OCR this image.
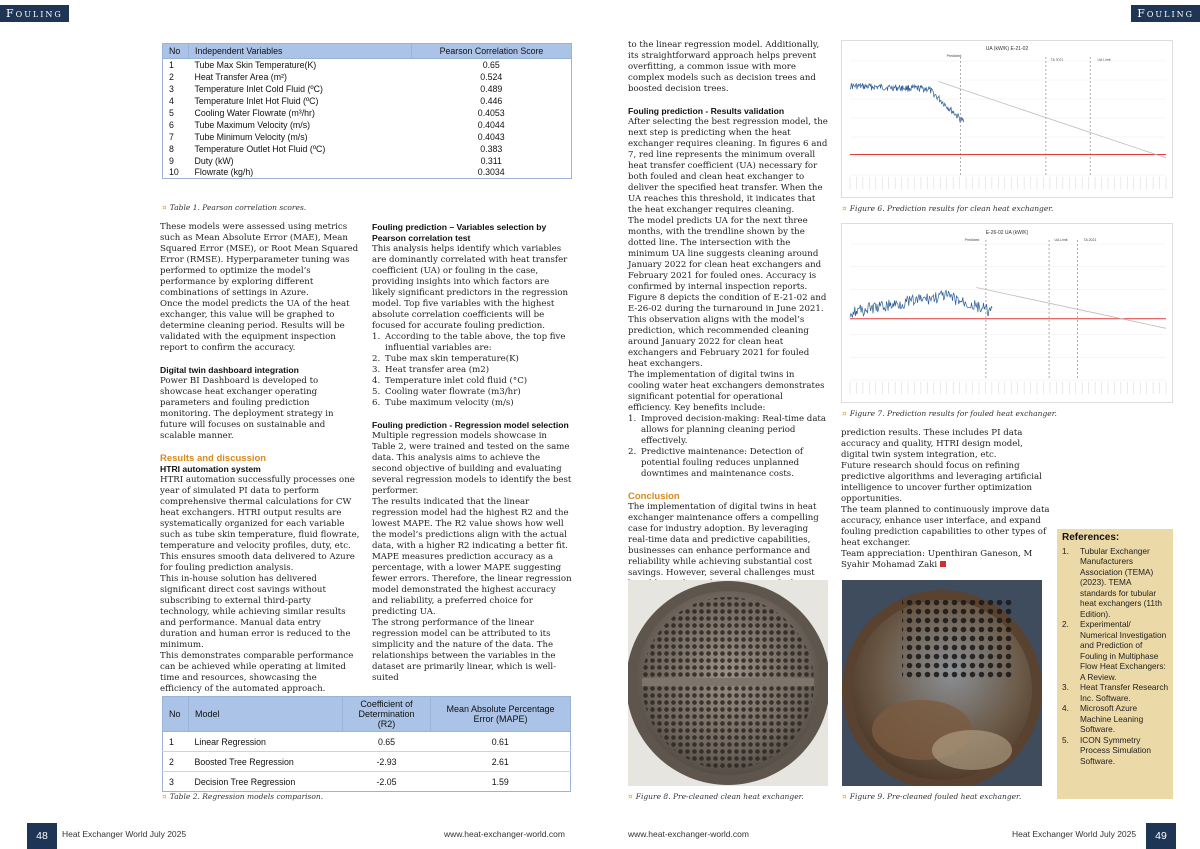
Fouling	Fouling
No	Independent Variables	Pearson Correlation Score
1	Tube Max Skin Temperature(K)	0.65
2	Heat Transfer Area (m²)	0.524
3	Temperature Inlet Cold Fluid (ºC)	0.489
4	Temperature Inlet Hot Fluid (ºC)	0.446
5	Cooling Water Flowrate (m³/hr)	0.4053
6	Tube Maximum Velocity (m/s)	0.4044
7	Tube Minimum Velocity (m/s)	0.4043
8	Temperature Outlet Hot Fluid (ºC)	0.383
9	Duty (kW)	0.311
10	Flowrate (kg/h)	0.3034
¤ Table 1. Pearson correlation scores.

These models were assessed using metrics such as Mean Absolute Error (MAE), Mean Squared Error (MSE), or Root Mean Squared Error (RMSE). Hyperparameter tuning was performed to optimize the model’s performance by exploring different combinations of settings in Azure.

Once the model predicts the UA of the heat exchanger, this value will be graphed to determine cleaning period. Results will be validated with the equipment inspection report to confirm the accuracy.

Digital twin dashboard integration

Power BI Dashboard is developed to showcase heat exchanger operating parameters and fouling prediction monitoring. The deployment strategy in future will focuses on sustainable and scalable manner.

Results and discussion
HTRI automation system

HTRI automation successfully processes one year of simulated PI data to perform comprehensive thermal calculations for CW heat exchangers. HTRI output results are systematically organized for each variable such as tube skin temperature, fluid flowrate, temperature and velocity profiles, duty, etc. This ensures smooth data delivered to Azure for fouling prediction analysis.

This in-house solution has delivered significant direct cost savings without subscribing to external third-party technology, while achieving similar results and performance. Manual data entry duration and human error is reduced to the minimum.

This demonstrates comparable performance can be achieved while operating at limited time and resources, showcasing the efficiency of the automated approach.

Fouling prediction – Variables selection by Pearson correlation test

This analysis helps identify which variables are dominantly correlated with heat transfer coefficient (UA) or fouling in the case, providing insights into which factors are likely significant predictors in the regression model. Top five variables with the highest absolute correlation coefficients will be focused for accurate fouling prediction.

1. According to the table above, the top five influential variables are:
2. Tube max skin temperature(K)
3. Heat transfer area (m2)
4. Temperature inlet cold fluid (°C)
5. Cooling water flowrate (m3/hr)
6. Tube maximum velocity (m/s)
Fouling prediction - Regression model selection

Multiple regression models showcase in Table 2, were trained and tested on the same data. This analysis aims to achieve the second objective of building and evaluating several regression models to identify the best performer.

The results indicated that the linear regression model had the highest R2 and the lowest MAPE. The R2 value shows how well the model’s predictions align with the actual data, with a higher R2 indicating a better fit. MAPE measures prediction accuracy as a percentage, with a lower MAPE suggesting fewer errors. Therefore, the linear regression model demonstrated the highest accuracy and reliability, a preferred choice for predicting UA.

The strong performance of the linear regression model can be attributed to its simplicity and the nature of the data. The relationships between the variables in the dataset are primarily linear, which is well-suited

No	Model	Coefficient of Determination (R2)	Mean Absolute Percentage Error (MAPE)
1	Linear Regression	0.65	0.61
2	Boosted Tree Regression	-2.93	2.61
3	Decision Tree Regression	-2.05	1.59
¤ Table 2. Regression models comparison.

to the linear regression model. Additionally, its straightforward approach helps prevent overfitting, a common issue with more complex models such as decision trees and boosted decision trees.

Fouling prediction - Results validation

After selecting the best regression model, the next step is predicting when the heat exchanger requires cleaning. In figures 6 and 7, red line represents the minimum overall heat transfer coefficient (UA) necessary for both fouled and clean heat exchanger to deliver the specified heat transfer. When the UA reaches this threshold, it indicates that the heat exchanger requires cleaning.

The model predicts UA for the next three months, with the trendline shown by the dotted line. The intersection with the minimum UA line suggests cleaning around January 2022 for clean heat exchangers and February 2021 for fouled ones. Accuracy is confirmed by internal inspection reports.

Figure 8 depicts the condition of E-21-02 and E-26-02 during the turnaround in June 2021. This observation aligns with the model’s prediction, which recommended cleaning around January 2022 for clean heat exchangers and February 2021 for fouled heat exchangers.

The implementation of digital twins in cooling water heat exchangers demonstrates significant potential for operational efficiency. Key benefits include:

1. Improved decision-making: Real-time data allows for planning cleaning period effectively.
2. Predictive maintenance: Detection of potential fouling reduces unplanned downtimes and maintenance costs.
Conclusion

The implementation of digital twins in heat exchanger maintenance offers a compelling case for industry adoption. By leveraging real-time data and predictive capabilities, businesses can enhance performance and reliability while achieving substantial cost savings. However, several challenges must

UA (kW/K) E-21-02
Predicted
TA 2021	UA Limit
¤ Figure 6. Prediction results for clean heat exchanger.
E-26-02 UA (kW/K)
Predicted	UA Limit	TA 2021
¤ Figure 7. Prediction results for fouled heat exchanger.

prediction results. These includes PI data accuracy and quality, HTRI design model, digital twin system integration, etc.

Future research should focus on refining predictive algorithms and leveraging artificial intelligence to uncover further optimization opportunities.

The team planned to continuously improve data accuracy, enhance user interface, and expand fouling prediction capabilities to other types of heat exchanger.

Team appreciation: Upenthiran Ganeson, M Syahir Mohamad Zaki

¤ Figure 8. Pre-cleaned clean heat exchanger.	¤ Figure 9. Pre-cleaned fouled heat exchanger.
References:
1.	Tubular Exchanger Manufacturers Association (TEMA) (2023). TEMA standards for tubular heat exchangers (11th Edition).
2.	Experimental/ Numerical Investigation and Prediction of Fouling in Multiphase Flow Heat Exchangers: A Review.
3.	Heat Transfer Research Inc. Software.
4.	Microsoft Azure Machine Leaning Software.
5.	ICON Symmetry Process Simulation Software.
48	Heat Exchanger World July 2025	www.heat-exchanger-world.com	www.heat-exchanger-world.com	Heat Exchanger World July 2025	49
